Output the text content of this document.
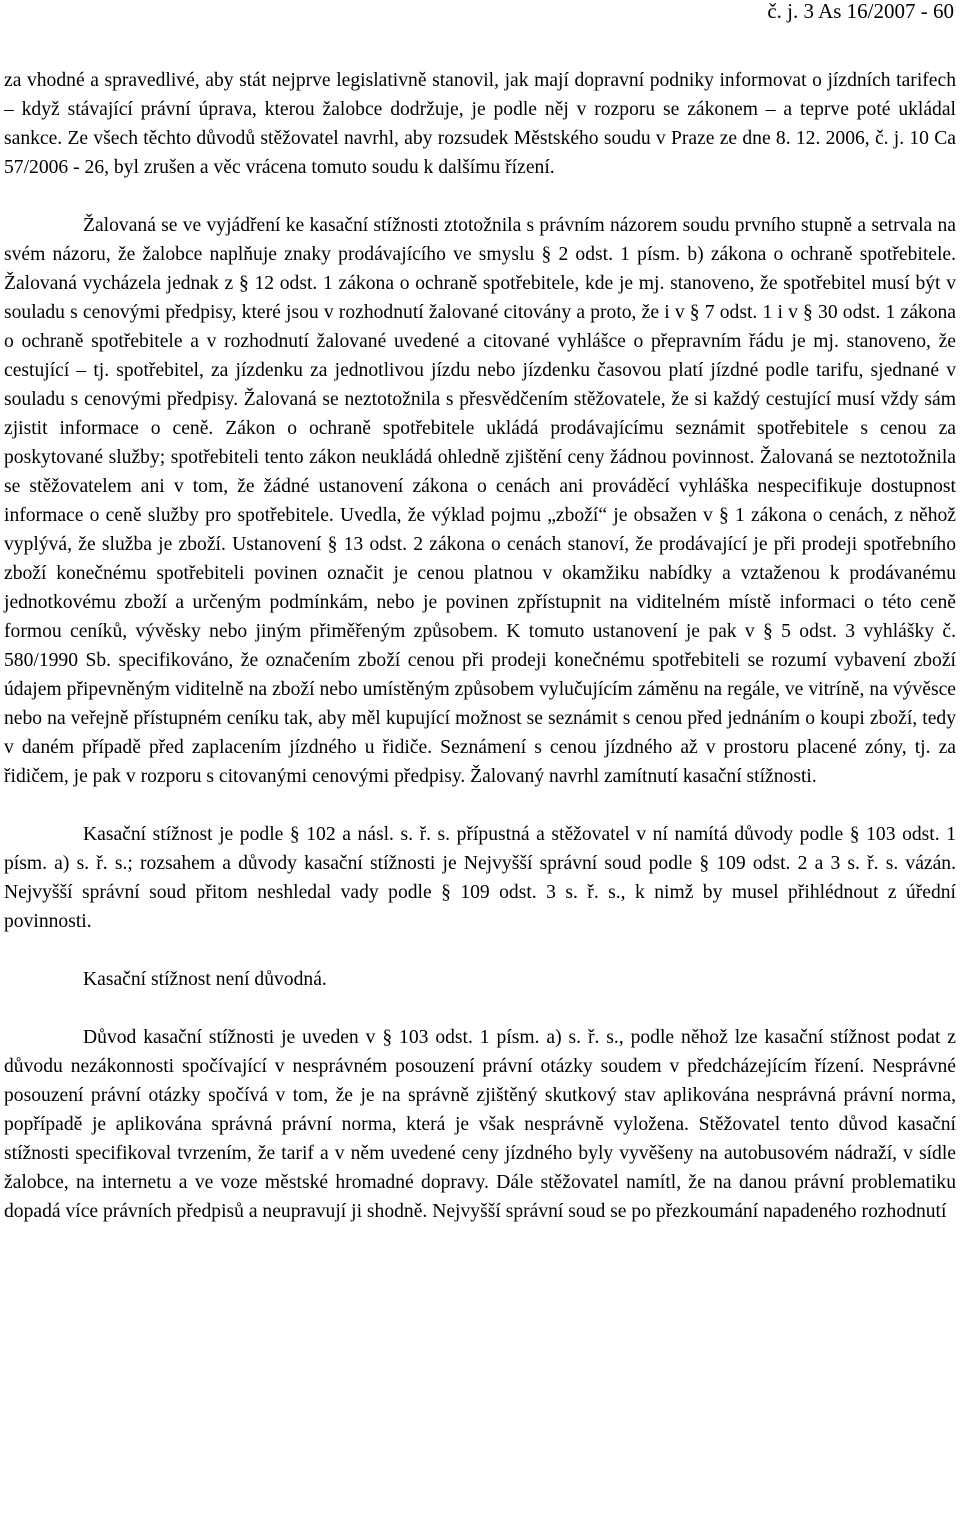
č. j. 3 As 16/2007 - 60

za vhodné a spravedlivé, aby stát nejprve legislativně stanovil, jak mají dopravní podniky informovat o jízdních tarifech – když stávající právní úprava, kterou žalobce dodržuje, je podle něj v rozporu se zákonem – a teprve poté ukládal sankce. Ze všech těchto důvodů stěžovatel navrhl, aby rozsudek Městského soudu v Praze ze dne 8. 12. 2006, č. j. 10 Ca 57/2006 - 26, byl zrušen a věc vrácena tomuto soudu k dalšímu řízení.

Žalovaná se ve vyjádření ke kasační stížnosti ztotožnila s právním názorem soudu prvního stupně a setrvala na svém názoru, že žalobce naplňuje znaky prodávajícího ve smyslu § 2 odst. 1 písm. b) zákona o ochraně spotřebitele. Žalovaná vycházela jednak z § 12 odst. 1 zákona o ochraně spotřebitele, kde je mj. stanoveno, že spotřebitel musí být v souladu s cenovými předpisy, které jsou v rozhodnutí žalované citovány a proto, že i v § 7 odst. 1 i v § 30 odst. 1 zákona o ochraně spotřebitele a v rozhodnutí žalované uvedené a citované vyhlášce o přepravním řádu je mj. stanoveno, že cestující – tj. spotřebitel, za jízdenku za jednotlivou jízdu nebo jízdenku časovou platí jízdné podle tarifu, sjednané v souladu s cenovými předpisy. Žalovaná se neztotožnila s přesvědčením stěžovatele, že si každý cestující musí vždy sám zjistit informace o ceně. Zákon o ochraně spotřebitele ukládá prodávajícímu seznámit spotřebitele s cenou za poskytované služby; spotřebiteli tento zákon neukládá ohledně zjištění ceny žádnou povinnost. Žalovaná se neztotožnila se stěžovatelem ani v tom, že žádné ustanovení zákona o cenách ani prováděcí vyhláška nespecifikuje dostupnost informace o ceně služby pro spotřebitele. Uvedla, že výklad pojmu „zboží“ je obsažen v § 1 zákona o cenách, z něhož vyplývá, že služba je zboží. Ustanovení § 13 odst. 2 zákona o cenách stanoví, že prodávající je při prodeji spotřebního zboží konečnému spotřebiteli povinen označit je cenou platnou v okamžiku nabídky a vztaženou k prodávanému jednotkovému zboží a určeným podmínkám, nebo je povinen zpřístupnit na viditelném místě informaci o této ceně formou ceníků, vývěsky nebo jiným přiměřeným způsobem. K tomuto ustanovení je pak v § 5 odst. 3 vyhlášky č. 580/1990 Sb. specifikováno, že označením zboží cenou při prodeji konečnému spotřebiteli se rozumí vybavení zboží údajem připevněným viditelně na zboží nebo umístěným způsobem vylučujícím záměnu na regále, ve vitríně, na vývěsce nebo na veřejně přístupném ceníku tak, aby měl kupující možnost se seznámit s cenou před jednáním o koupi zboží, tedy v daném případě před zaplacením jízdného u řidiče. Seznámení s cenou jízdného až v prostoru placené zóny, tj. za řidičem, je pak v rozporu s citovanými cenovými předpisy. Žalovaný navrhl zamítnutí kasační stížnosti.

Kasační stížnost je podle § 102 a násl. s. ř. s. přípustná a stěžovatel v ní namítá důvody podle § 103 odst. 1 písm. a) s. ř. s.; rozsahem a důvody kasační stížnosti je Nejvyšší správní soud podle § 109 odst. 2 a 3 s. ř. s. vázán. Nejvyšší správní soud přitom neshledal vady podle § 109 odst. 3 s. ř. s., k nimž by musel přihlédnout z úřední povinnosti.

Kasační stížnost není důvodná.

Důvod kasační stížnosti je uveden v § 103 odst. 1 písm. a) s. ř. s., podle něhož lze kasační stížnost podat z důvodu nezákonnosti spočívající v nesprávném posouzení právní otázky soudem v předcházejícím řízení. Nesprávné posouzení právní otázky spočívá v tom, že je na správně zjištěný skutkový stav aplikována nesprávná právní norma, popřípadě je aplikována správná právní norma, která je však nesprávně vyložena. Stěžovatel tento důvod kasační stížnosti specifikoval tvrzením, že tarif a v něm uvedené ceny jízdného byly vyvěšeny na autobusovém nádraží, v sídle žalobce, na internetu a ve voze městské hromadné dopravy. Dále stěžovatel namítl, že na danou právní problematiku dopadá více právních předpisů a neupravují ji shodně. Nejvyšší správní soud se po přezkoumání napadeného rozhodnutí
